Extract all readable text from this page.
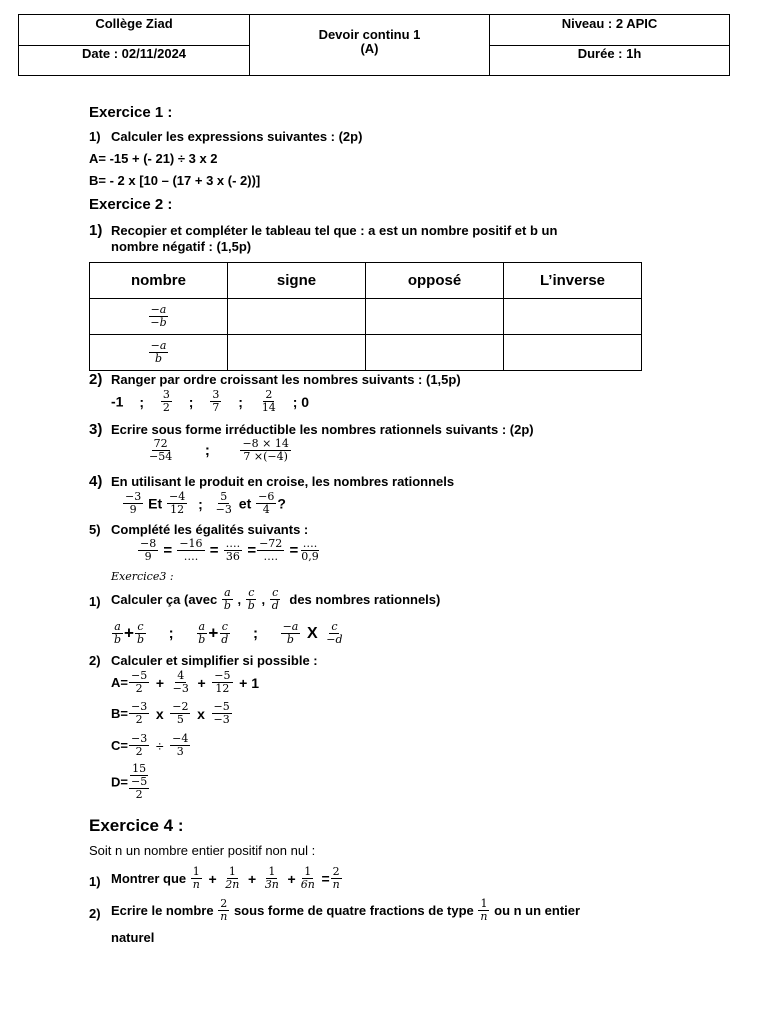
Collège Ziad
Date : 02/11/2024
Devoir continu 1
(A)
Niveau : 2 APIC
Durée : 1h
Exercice 1 :
1) Calculer les expressions suivantes : (2p)
A= -15 + (- 21) ÷ 3 x 2
B= - 2 x [10 – (17 + 3 x (- 2))]
Exercice 2 :
1) Recopier et compléter le tableau tel que : a est un nombre positif et b un
nombre négatif : (1,5p)
nombre	signe	opposé	L’inverse

$\frac{-a}{-b}$

$\frac{-a}{b}$

2) Ranger par ordre croissant les nombres suivants : (1,5p)
-1 ; $\frac{3}{2}$ ; $\frac{3}{7}$ ; $\frac{2}{14}$ ; 0
3) Ecrire sous forme irréductible les nombres rationnels suivants : (2p)
$\frac{72}{-54}$ ;	$\frac{-8 \times 14}{7 \times(-4)}$
4) En utilisant le produit en croise, les nombres rationnels
$\frac{-3}{9}$ Et $\frac{-4}{12}$ ; $\frac{5}{-3}$ et $\frac{-6}{4}$ ?
5) Complété les égalités suivants :
$\frac{-8}{9} = -16$
…. = ….
36 = −72
…. = ….
0,9
Exercice3 :
1) Calculer ça (avec $\frac{a}{b}$ , $\frac{c}{b}$ , $\frac{c}{d}$ des nombres rationnels)
$\frac{a}{b} + \frac{c}{b}$ ; $\frac{a}{b} + \frac{c}{d}$ ; $\frac{-a}{b}$ X $\frac{c}{-d}$
2) Calculer et simplifier si possible :
$A= \frac{-5}{2} + \frac{4}{-3} + \frac{-5}{12} + 1$
$B= \frac{-3}{2}$ x $\frac{-2}{5}$ x $\frac{-5}{-3}$
$C= \frac{-3}{2} \div \frac{-4}{3}$
$D= \frac{15}{\frac{-5}{2}}$
Exercice 4 :
Soit n un nombre entier positif non nul :
1) Montrer que $\frac{1}{n} + \frac{1}{2n} + \frac{1}{3n} + \frac{1}{6n} = \frac{2}{n}$
2) Ecrire le nombre $\frac{2}{n}$ sous forme de quatre fractions de type $\frac{1}{n}$ ou n un entier
naturel
